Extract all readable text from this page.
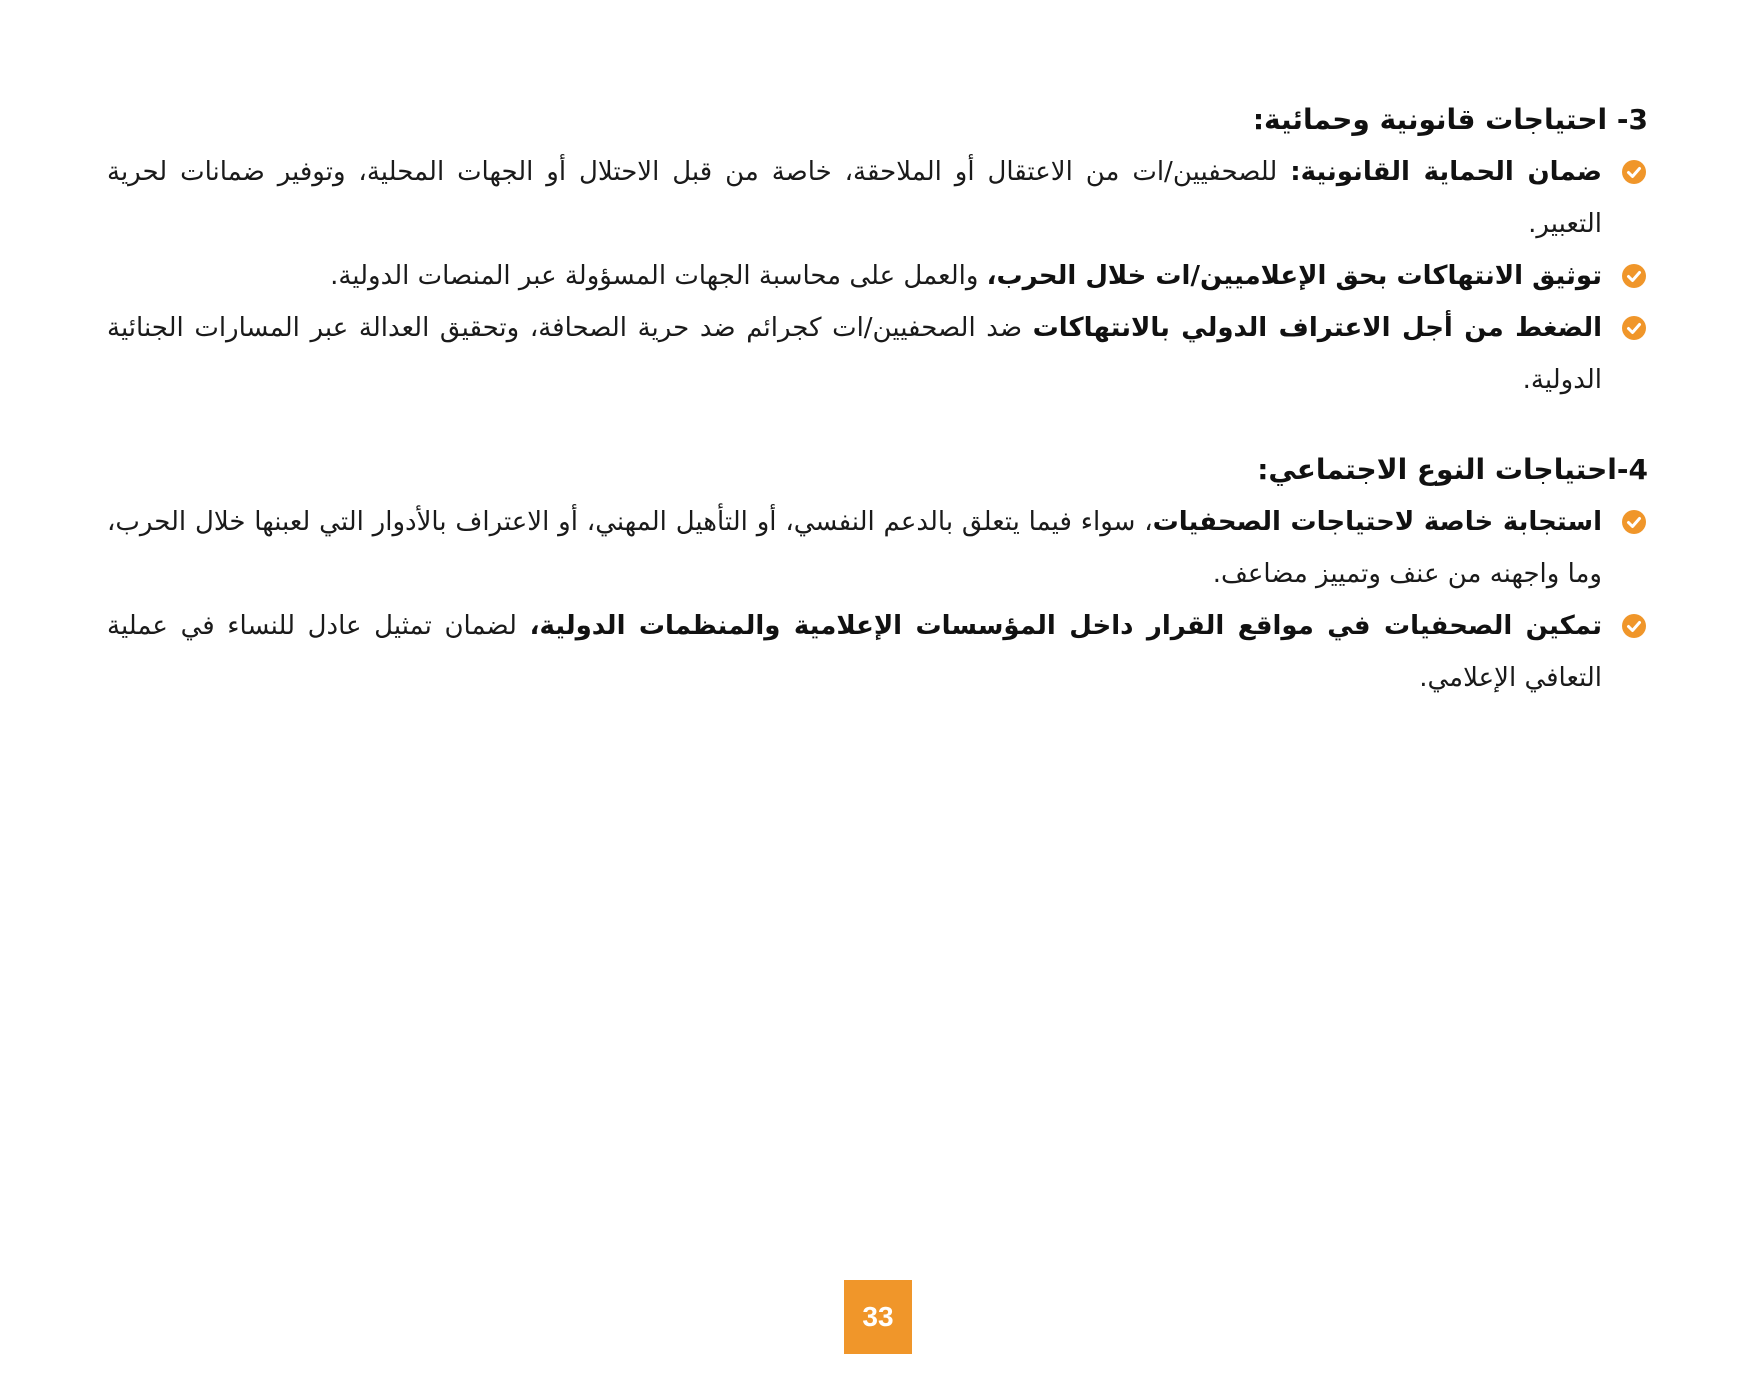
3- احتياجات قانونية وحمائية:
ضمان الحماية القانونية: للصحفيين/ات من الاعتقال أو الملاحقة، خاصة من قبل الاحتلال أو الجهات المحلية، وتوفير ضمانات لحرية التعبير.
توثيق الانتهاكات بحق الإعلاميين/ات خلال الحرب، والعمل على محاسبة الجهات المسؤولة عبر المنصات الدولية.
الضغط من أجل الاعتراف الدولي بالانتهاكات ضد الصحفيين/ات كجرائم ضد حرية الصحافة، وتحقيق العدالة عبر المسارات الجنائية الدولية.
4-احتياجات النوع الاجتماعي:
استجابة خاصة لاحتياجات الصحفيات، سواء فيما يتعلق بالدعم النفسي، أو التأهيل المهني، أو الاعتراف بالأدوار التي لعبنها خلال الحرب، وما واجهنه من عنف وتمييز مضاعف.
تمكين الصحفيات في مواقع القرار داخل المؤسسات الإعلامية والمنظمات الدولية، لضمان تمثيل عادل للنساء في عملية التعافي الإعلامي.
33
